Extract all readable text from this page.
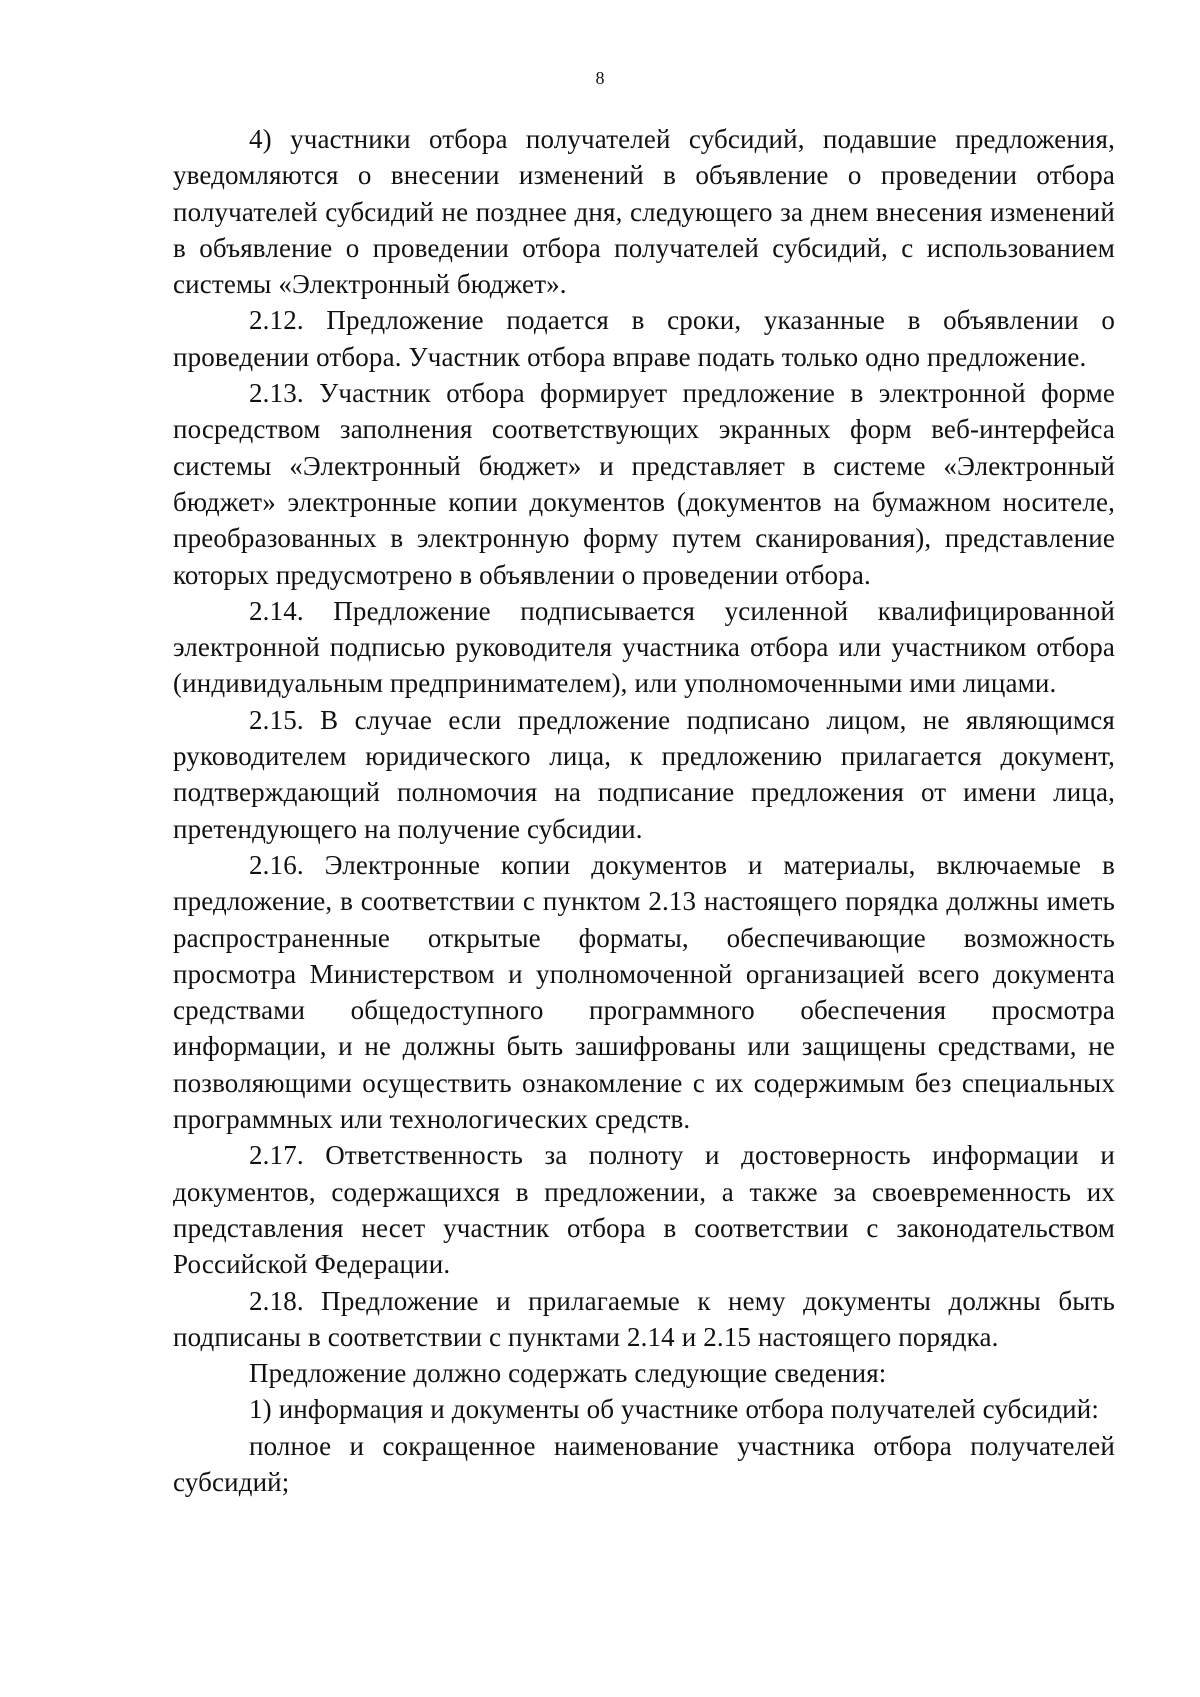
8

4) участники отбора получателей субсидий, подавшие предложения, уведомляются о внесении изменений в объявление о проведении отбора получателей субсидий не позднее дня, следующего за днем внесения изменений в объявление о проведении отбора получателей субсидий, с использованием системы «Электронный бюджет».

2.12. Предложение подается в сроки, указанные в объявлении о проведении отбора. Участник отбора вправе подать только одно предложение.

2.13. Участник отбора формирует предложение в электронной форме посредством заполнения соответствующих экранных форм веб-интерфейса системы «Электронный бюджет» и представляет в системе «Электронный бюджет» электронные копии документов (документов на бумажном носителе, преобразованных в электронную форму путем сканирования), представление которых предусмотрено в объявлении о проведении отбора.

2.14. Предложение подписывается усиленной квалифицированной электронной подписью руководителя участника отбора или участником отбора (индивидуальным предпринимателем), или уполномоченными ими лицами.

2.15. В случае если предложение подписано лицом, не являющимся руководителем юридического лица, к предложению прилагается документ, подтверждающий полномочия на подписание предложения от имени лица, претендующего на получение субсидии.

2.16. Электронные копии документов и материалы, включаемые в предложение, в соответствии с пунктом 2.13 настоящего порядка должны иметь распространенные открытые форматы, обеспечивающие возможность просмотра Министерством и уполномоченной организацией всего документа средствами общедоступного программного обеспечения просмотра информации, и не должны быть зашифрованы или защищены средствами, не позволяющими осуществить ознакомление с их содержимым без специальных программных или технологических средств.

2.17. Ответственность за полноту и достоверность информации и документов, содержащихся в предложении, а также за своевременность их представления несет участник отбора в соответствии с законодательством Российской Федерации.

2.18. Предложение и прилагаемые к нему документы должны быть подписаны в соответствии с пунктами 2.14 и 2.15 настоящего порядка.

Предложение должно содержать следующие сведения:

1) информация и документы об участнике отбора получателей субсидий:

полное и сокращенное наименование участника отбора получателей субсидий;
